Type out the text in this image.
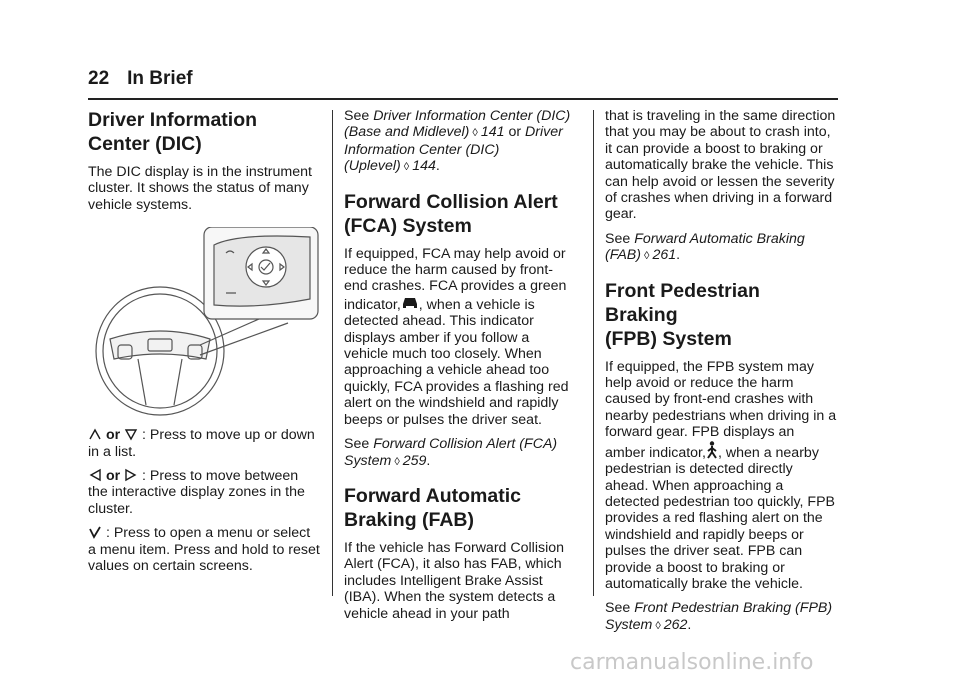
22 In Brief
Driver Information
Center (DIC)

The DIC display is in the instrument cluster. It shows the status of many vehicle systems.

or  : Press to move up or down in a list.

or  : Press to move between the interactive display zones in the cluster.

: Press to open a menu or select a menu item. Press and hold to reset values on certain screens.

See Driver Information Center (DIC) (Base and Midlevel) ◊ 141 or Driver Information Center (DIC) (Uplevel) ◊ 144.

Forward Collision Alert
(FCA) System

If equipped, FCA may help avoid or reduce the harm caused by front-end crashes. FCA provides a green indicator, , when a vehicle is detected ahead. This indicator displays amber if you follow a vehicle much too closely. When approaching a vehicle ahead too quickly, FCA provides a flashing red alert on the windshield and rapidly beeps or pulses the driver seat.

See Forward Collision Alert (FCA) System ◊ 259.

Forward Automatic
Braking (FAB)

If the vehicle has Forward Collision Alert (FCA), it also has FAB, which includes Intelligent Brake Assist (IBA). When the system detects a vehicle ahead in your path

that is traveling in the same direction that you may be about to crash into, it can provide a boost to braking or automatically brake the vehicle. This can help avoid or lessen the severity of crashes when driving in a forward gear.

See Forward Automatic Braking (FAB) ◊ 261.

Front Pedestrian Braking
(FPB) System

If equipped, the FPB system may help avoid or reduce the harm caused by front-end crashes with nearby pedestrians when driving in a forward gear. FPB displays an amber indicator, , when a nearby pedestrian is detected directly ahead. When approaching a detected pedestrian too quickly, FPB provides a red flashing alert on the windshield and rapidly beeps or pulses the driver seat. FPB can provide a boost to braking or automatically brake the vehicle.

See Front Pedestrian Braking (FPB) System ◊ 262.

carmanualsonline.info
